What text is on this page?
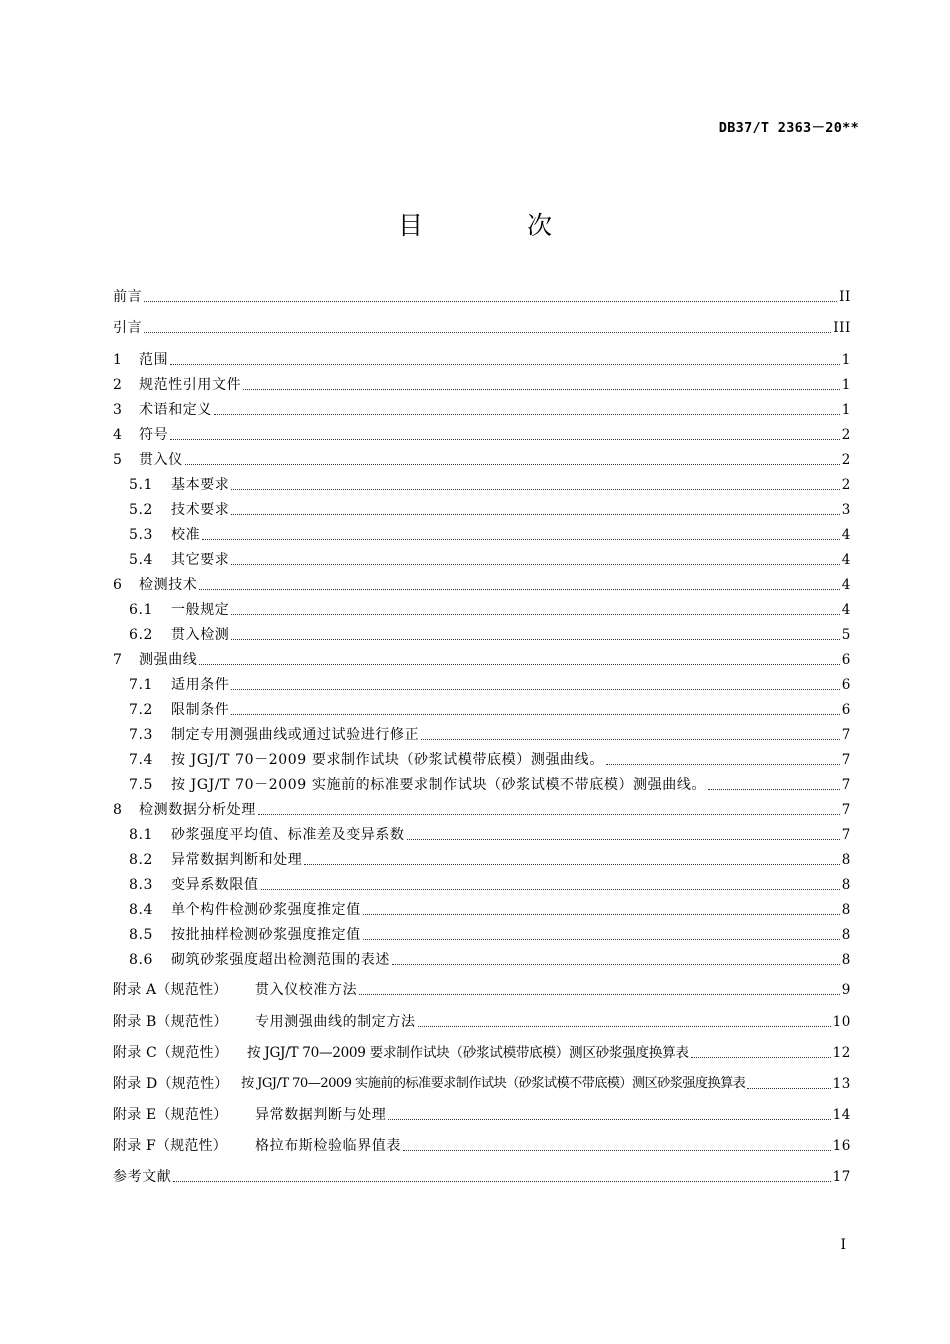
DB37/T 2363－20**
目 次
前言	II
引言	III
1	范围	1
2	规范性引用文件	1
3	术语和定义	1
4	符号	2
5	贯入仪	2
5.1	基本要求	2
5.2	技术要求	3
5.3	校准	4
5.4	其它要求	4
6	检测技术	4
6.1	一般规定	4
6.2	贯入检测	5
7	测强曲线	6
7.1	适用条件	6
7.2	限制条件	6
7.3	制定专用测强曲线或通过试验进行修正	7
7.4	按 JGJ/T 70－2009 要求制作试块（砂浆试模带底模）测强曲线。	7
7.5	按 JGJ/T 70－2009 实施前的标准要求制作试块（砂浆试模不带底模）测强曲线。	7
8	检测数据分析处理	7
8.1	砂浆强度平均值、标准差及变异系数	7
8.2	异常数据判断和处理	8
8.3	变异系数限值	8
8.4	单个构件检测砂浆强度推定值	8
8.5	按批抽样检测砂浆强度推定值	8
8.6	砌筑砂浆强度超出检测范围的表述	8
附录 A（规范性）	贯入仪校准方法	9
附录 B（规范性）	专用测强曲线的制定方法	10
附录 C（规范性）	按 JGJ/T 70—2009 要求制作试块（砂浆试模带底模）测区砂浆强度换算表	12
附录 D（规范性） 按 JGJ/T 70—2009 实施前的标准要求制作试块（砂浆试模不带底模）测区砂浆强度换算表	13
附录 E（规范性）	异常数据判断与处理	14
附录 F（规范性）	格拉布斯检验临界值表	16
参考文献	17
I
